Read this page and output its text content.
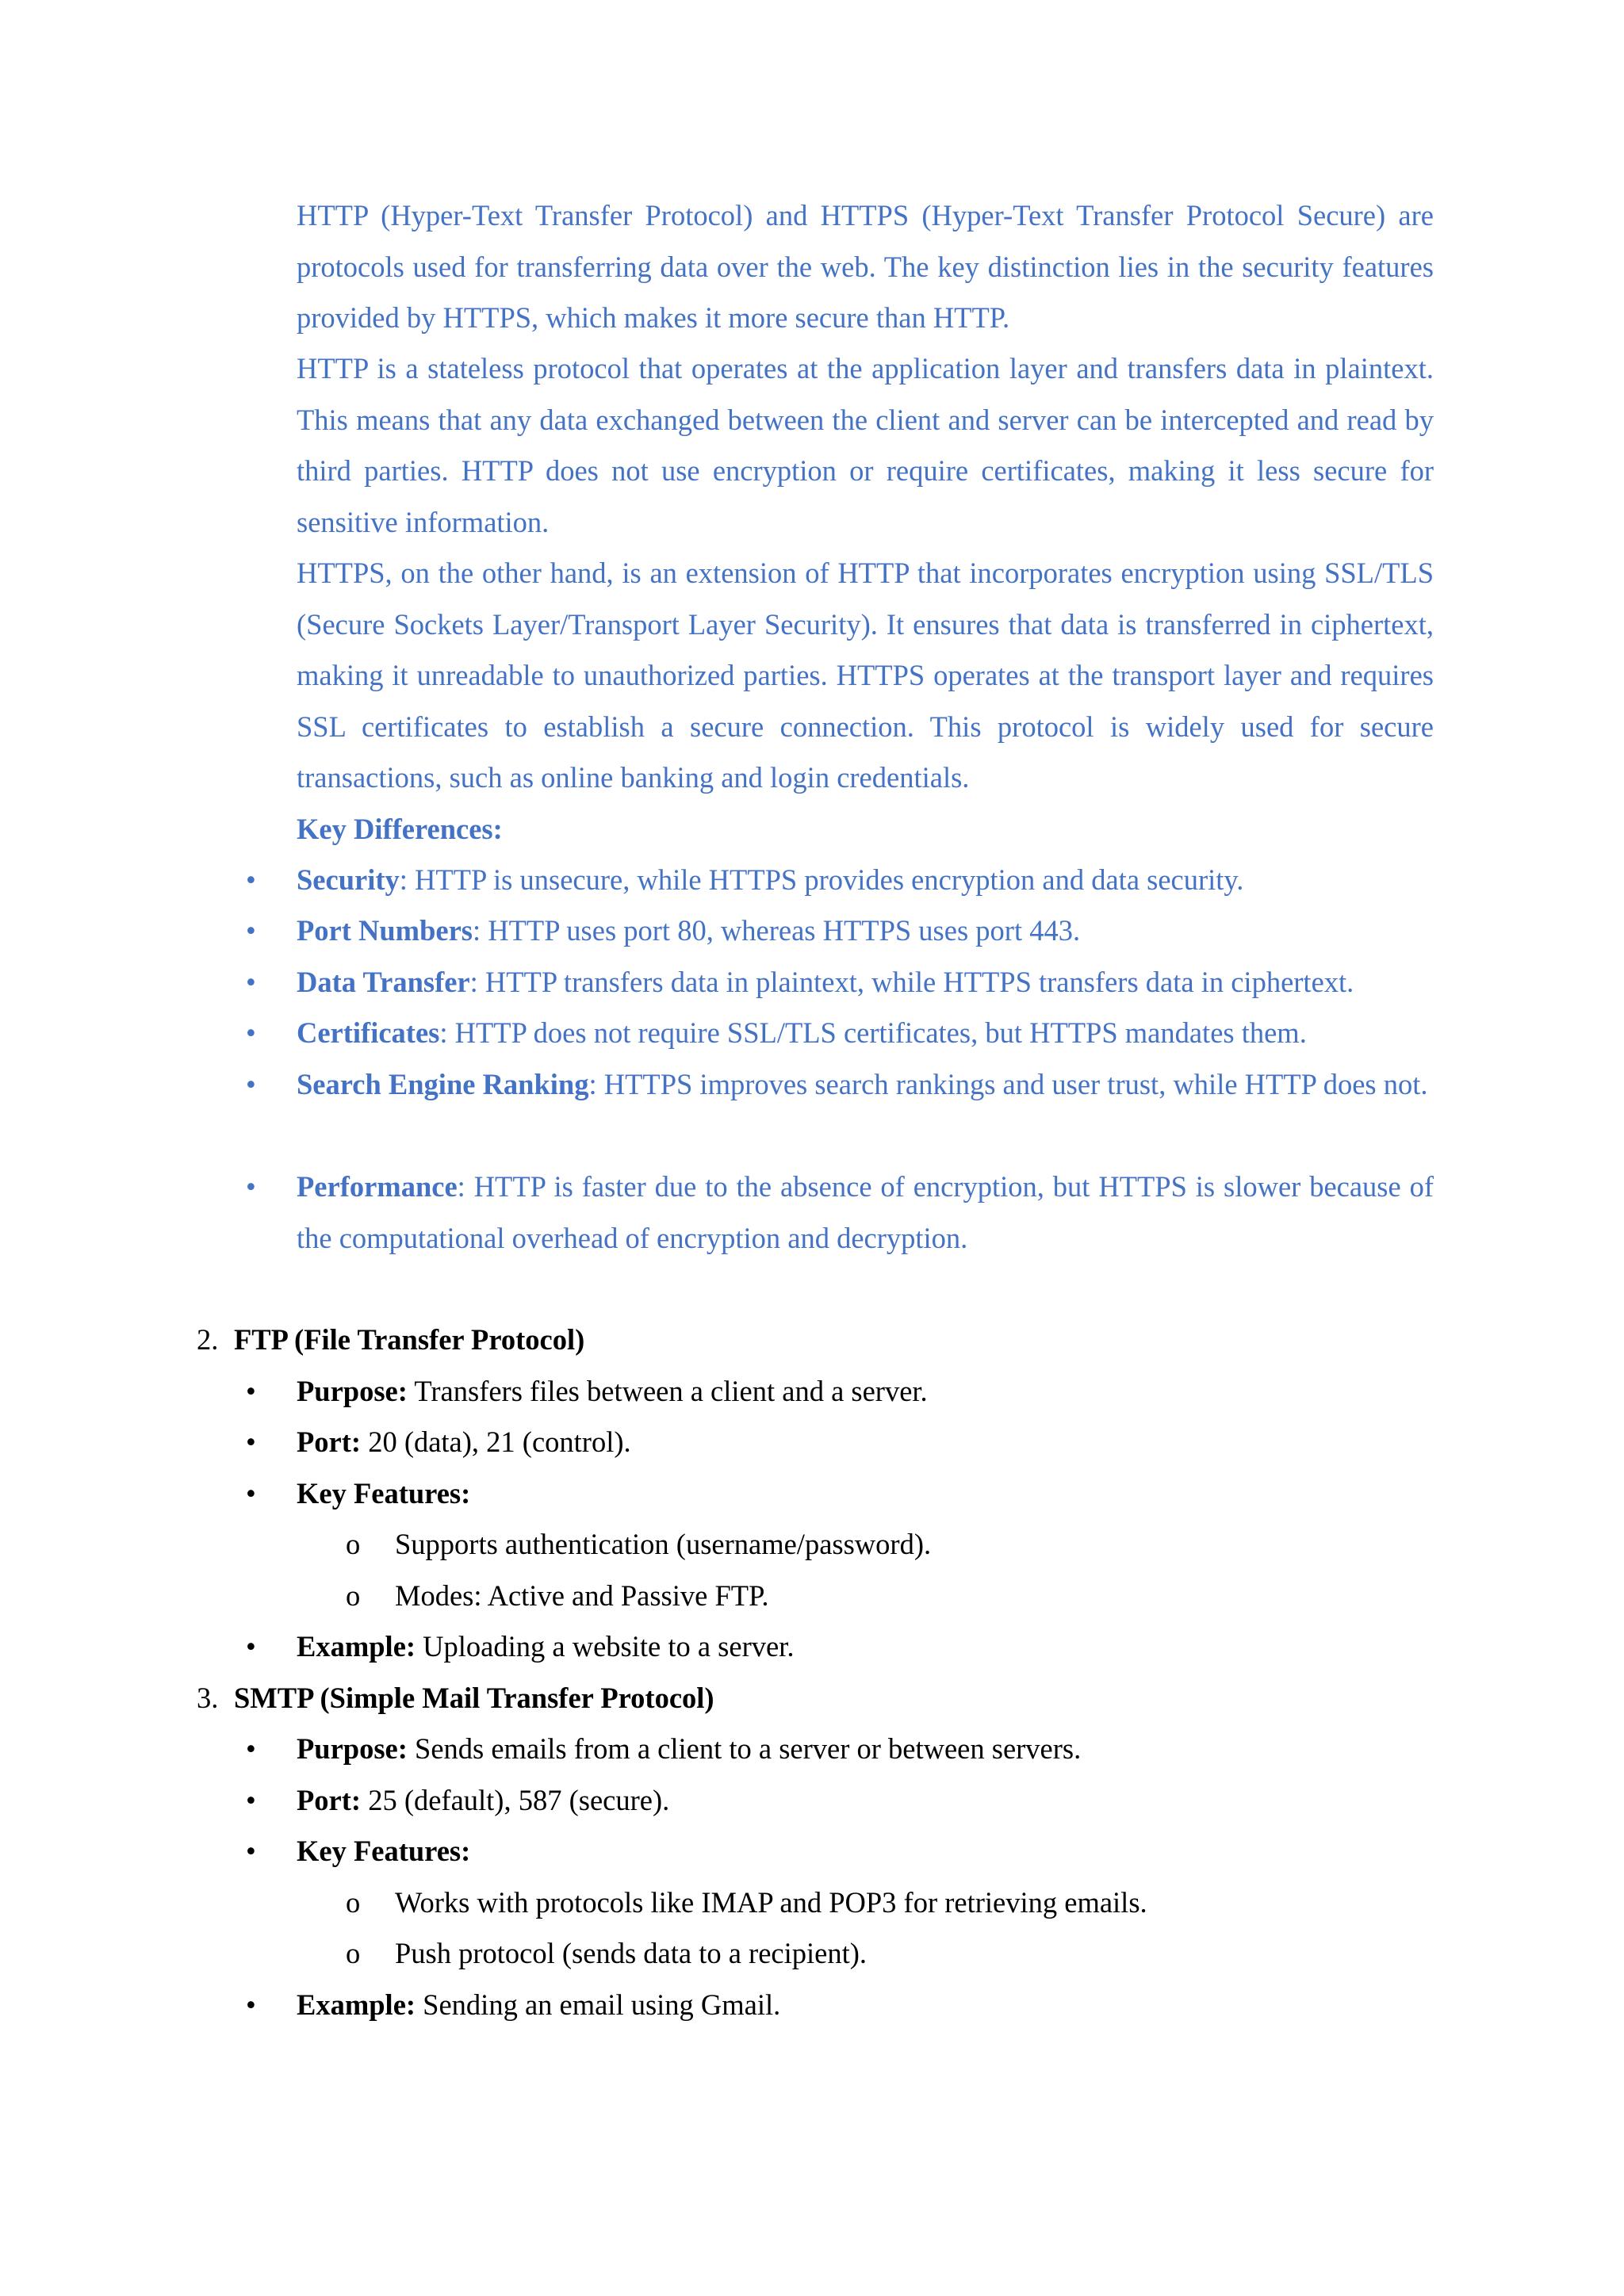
HTTP (Hyper-Text Transfer Protocol) and HTTPS (Hyper-Text Transfer Protocol Secure) are protocols used for transferring data over the web. The key distinction lies in the security features provided by HTTPS, which makes it more secure than HTTP.

HTTP is a stateless protocol that operates at the application layer and transfers data in plaintext. This means that any data exchanged between the client and server can be intercepted and read by third parties. HTTP does not use encryption or require certificates, making it less secure for sensitive information.

HTTPS, on the other hand, is an extension of HTTP that incorporates encryption using SSL/TLS (Secure Sockets Layer/Transport Layer Security). It ensures that data is transferred in ciphertext, making it unreadable to unauthorized parties. HTTPS operates at the transport layer and requires SSL certificates to establish a secure connection. This protocol is widely used for secure transactions, such as online banking and login credentials.

Key Differences:

•	Security: HTTP is unsecure, while HTTPS provides encryption and data security.
•	Port Numbers: HTTP uses port 80, whereas HTTPS uses port 443.
•	Data Transfer: HTTP transfers data in plaintext, while HTTPS transfers data in ciphertext.
•	Certificates: HTTP does not require SSL/TLS certificates, but HTTPS mandates them.
•	Search Engine Ranking: HTTPS improves search rankings and user trust, while HTTP does not.
•	Performance: HTTP is faster due to the absence of encryption, but HTTPS is slower because of the computational overhead of encryption and decryption.
2. FTP (File Transfer Protocol)
•	Purpose: Transfers files between a client and a server.
•	Port: 20 (data), 21 (control).
•	Key Features:
o Supports authentication (username/password).
o Modes: Active and Passive FTP.
•	Example: Uploading a website to a server.
3. SMTP (Simple Mail Transfer Protocol)
•	Purpose: Sends emails from a client to a server or between servers.
•	Port: 25 (default), 587 (secure).
•	Key Features:
o Works with protocols like IMAP and POP3 for retrieving emails.
o Push protocol (sends data to a recipient).
•	Example: Sending an email using Gmail.
